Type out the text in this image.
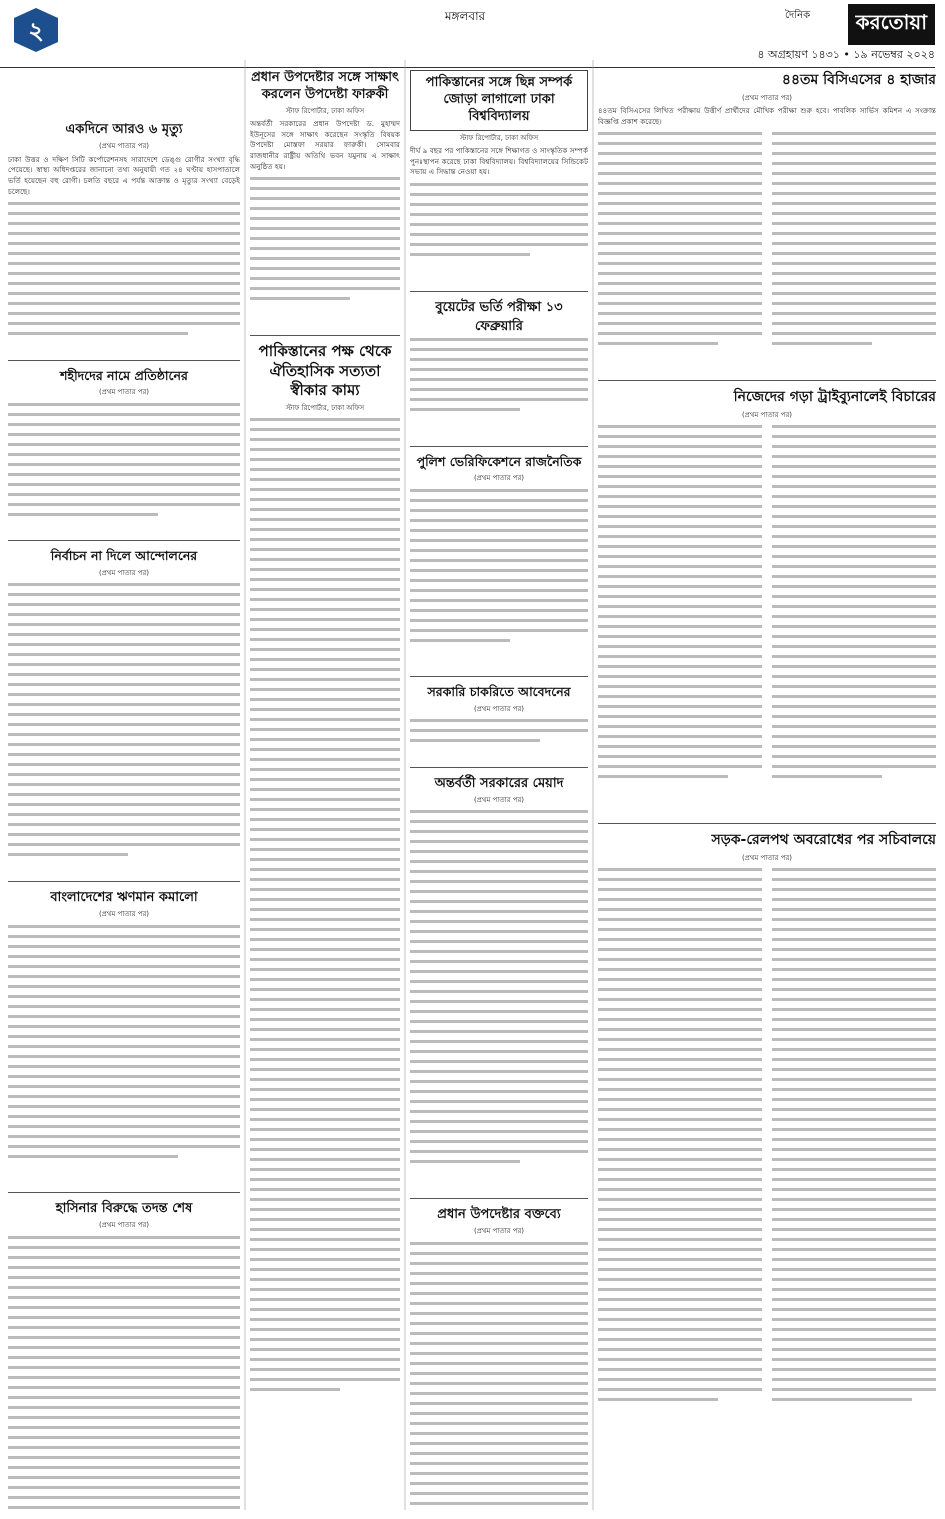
২
মঙ্গলবার	দৈনিক	করতোয়া
৪ অগ্রহায়ণ ১৪৩১ • ১৯ নভেম্বর ২০২৪
একদিনে আরও ৬ মৃত্যু
(প্রথম পাতার পর)
ঢাকা উত্তর ও দক্ষিণ সিটি কর্পোরেশনসহ সারাদেশে ডেঙ্গু রোগীর সংখ্যা বৃদ্ধি পেয়েছে। স্বাস্থ্য অধিদপ্তরের জানানো তথ্য অনুযায়ী গত ২৪ ঘণ্টায় হাসপাতালে ভর্তি হয়েছেন বহু রোগী। চলতি বছরে এ পর্যন্ত আক্রান্ত ও মৃত্যুর সংখ্যা বেড়েই চলেছে।
শহীদদের নামে প্রতিষ্ঠানের
(প্রথম পাতার পর)
নির্বাচন না দিলে আন্দোলনের
(প্রথম পাতার পর)
বাংলাদেশের ঋণমান কমালো
(প্রথম পাতার পর)
হাসিনার বিরুদ্ধে তদন্ত শেষ
(প্রথম পাতার পর)
প্রধান উপদেষ্টার সঙ্গে সাক্ষাৎ করলেন উপদেষ্টা ফারুকী
স্টাফ রিপোর্টার, ঢাকা অফিস
অন্তর্বর্তী সরকারের প্রধান উপদেষ্টা ড. মুহাম্মদ ইউনূসের সঙ্গে সাক্ষাৎ করেছেন সংস্কৃতি বিষয়ক উপদেষ্টা মোস্তফা সরয়ার ফারুকী। সোমবার রাজধানীর রাষ্ট্রীয় অতিথি ভবন যমুনায় এ সাক্ষাৎ অনুষ্ঠিত হয়।
পাকিস্তানের পক্ষ থেকে ঐতিহাসিক সত্যতা স্বীকার কাম্য
স্টাফ রিপোর্টার, ঢাকা অফিস
পাকিস্তানের সঙ্গে ছিন্ন সম্পর্ক জোড়া লাগালো ঢাকা বিশ্ববিদ্যালয়
স্টাফ রিপোর্টার, ঢাকা অফিস
দীর্ঘ ৯ বছর পর পাকিস্তানের সঙ্গে শিক্ষাগত ও সাংস্কৃতিক সম্পর্ক পুনঃস্থাপন করেছে ঢাকা বিশ্ববিদ্যালয়। বিশ্ববিদ্যালয়ের সিন্ডিকেট সভায় এ সিদ্ধান্ত নেওয়া হয়।
বুয়েটের ভর্তি পরীক্ষা ১৩ ফেব্রুয়ারি
পুলিশ ভেরিফিকেশনে রাজনৈতিক
(প্রথম পাতার পর)
সরকারি চাকরিতে আবেদনের
(প্রথম পাতার পর)
অন্তর্বর্তী সরকারের মেয়াদ
(প্রথম পাতার পর)
প্রধান উপদেষ্টার বক্তব্যে
(প্রথম পাতার পর)
৪৪তম বিসিএসের ৪ হাজার
(প্রথম পাতার পর)
৪৪তম বিসিএসের লিখিত পরীক্ষায় উত্তীর্ণ প্রার্থীদের মৌখিক পরীক্ষা শুরু হবে। পাবলিক সার্ভিস কমিশন এ সংক্রান্ত বিজ্ঞপ্তি প্রকাশ করেছে।
নিজেদের গড়া ট্রাইব্যুনালেই বিচারের
(প্রথম পাতার পর)
সড়ক-রেলপথ অবরোধের পর সচিবালয়ে
(প্রথম পাতার পর)
